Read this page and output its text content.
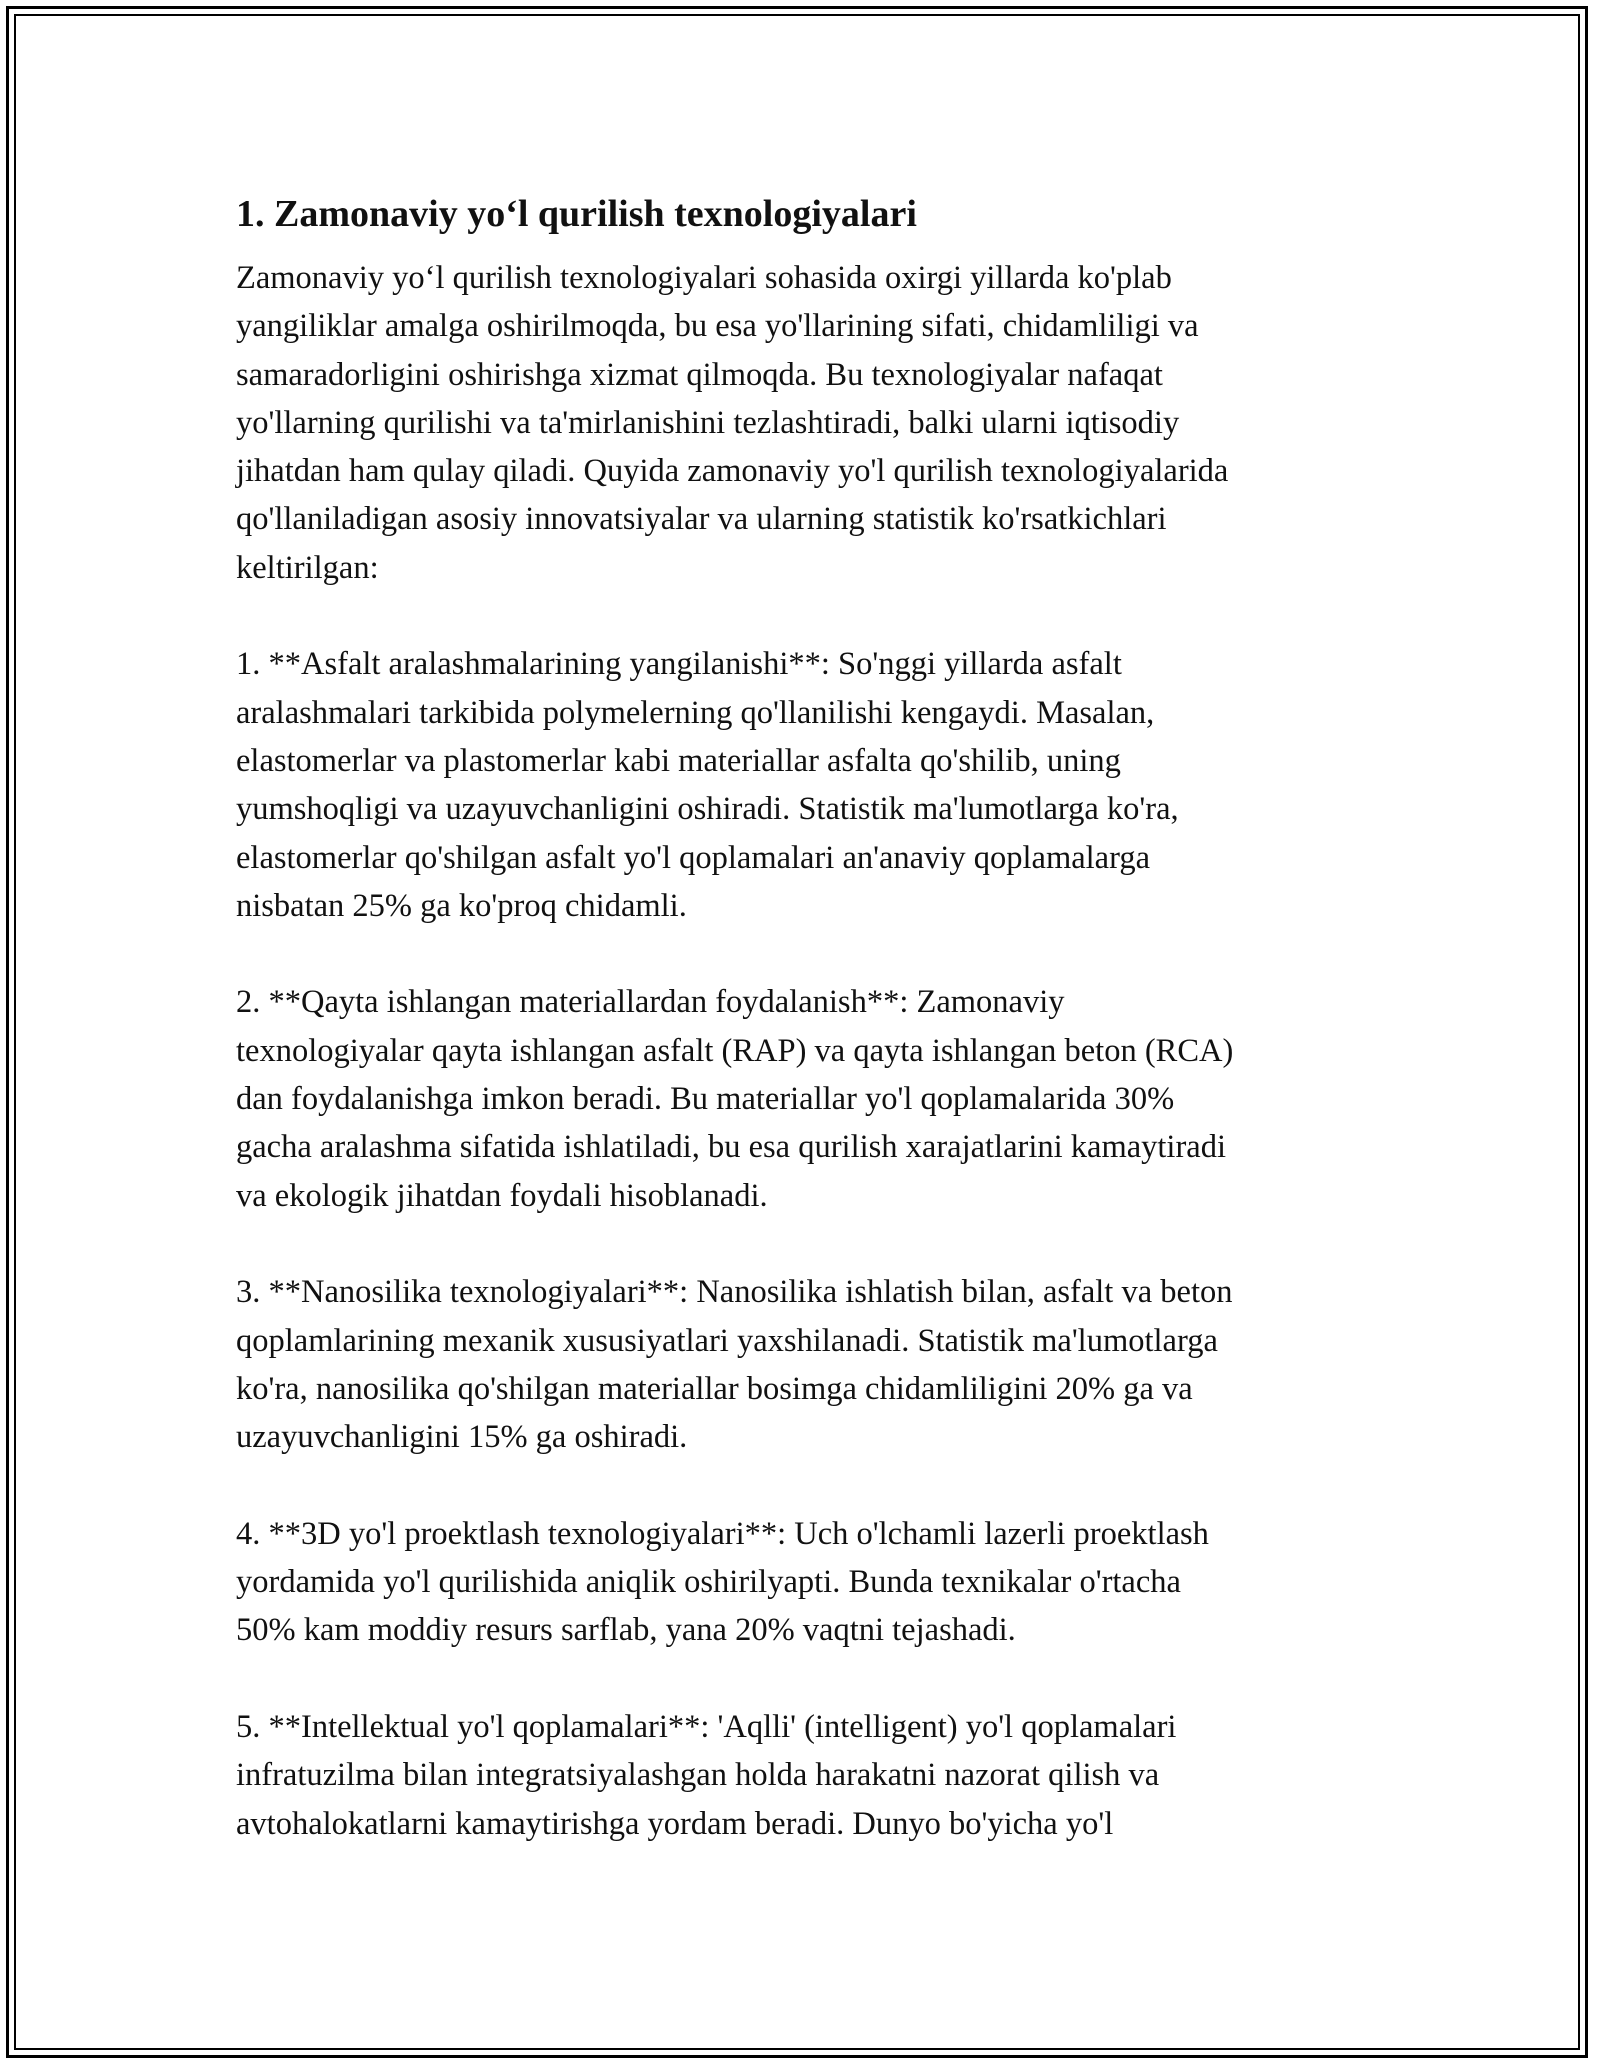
1. Zamonaviy yo‘l qurilish texnologiyalari

Zamonaviy yo‘l qurilish texnologiyalari sohasida oxirgi yillarda ko'plab
yangiliklar amalga oshirilmoqda, bu esa yo'llarining sifati, chidamliligi va
samaradorligini oshirishga xizmat qilmoqda. Bu texnologiyalar nafaqat
yo'llarning qurilishi va ta'mirlanishini tezlashtiradi, balki ularni iqtisodiy
jihatdan ham qulay qiladi. Quyida zamonaviy yo'l qurilish texnologiyalarida
qo'llaniladigan asosiy innovatsiyalar va ularning statistik ko'rsatkichlari
keltirilgan:

1. **Asfalt aralashmalarining yangilanishi**: So'nggi yillarda asfalt
aralashmalari tarkibida polymelerning qo'llanilishi kengaydi. Masalan,
elastomerlar va plastomerlar kabi materiallar asfalta qo'shilib, uning
yumshoqligi va uzayuvchanligini oshiradi. Statistik ma'lumotlarga ko'ra,
elastomerlar qo'shilgan asfalt yo'l qoplamalari an'anaviy qoplamalarga
nisbatan 25% ga ko'proq chidamli.

2. **Qayta ishlangan materiallardan foydalanish**: Zamonaviy
texnologiyalar qayta ishlangan asfalt (RAP) va qayta ishlangan beton (RCA)
dan foydalanishga imkon beradi. Bu materiallar yo'l qoplamalarida 30%
gacha aralashma sifatida ishlatiladi, bu esa qurilish xarajatlarini kamaytiradi
va ekologik jihatdan foydali hisoblanadi.

3. **Nanosilika texnologiyalari**: Nanosilika ishlatish bilan, asfalt va beton
qoplamlarining mexanik xususiyatlari yaxshilanadi. Statistik ma'lumotlarga
ko'ra, nanosilika qo'shilgan materiallar bosimga chidamliligini 20% ga va
uzayuvchanligini 15% ga oshiradi.

4. **3D yo'l proektlash texnologiyalari**: Uch o'lchamli lazerli proektlash
yordamida yo'l qurilishida aniqlik oshirilyapti. Bunda texnikalar o'rtacha
50% kam moddiy resurs sarflab, yana 20% vaqtni tejashadi.

5. **Intellektual yo'l qoplamalari**: 'Aqlli' (intelligent) yo'l qoplamalari
infratuzilma bilan integratsiyalashgan holda harakatni nazorat qilish va
avtohalokatlarni kamaytirishga yordam beradi. Dunyo bo'yicha yo'l
